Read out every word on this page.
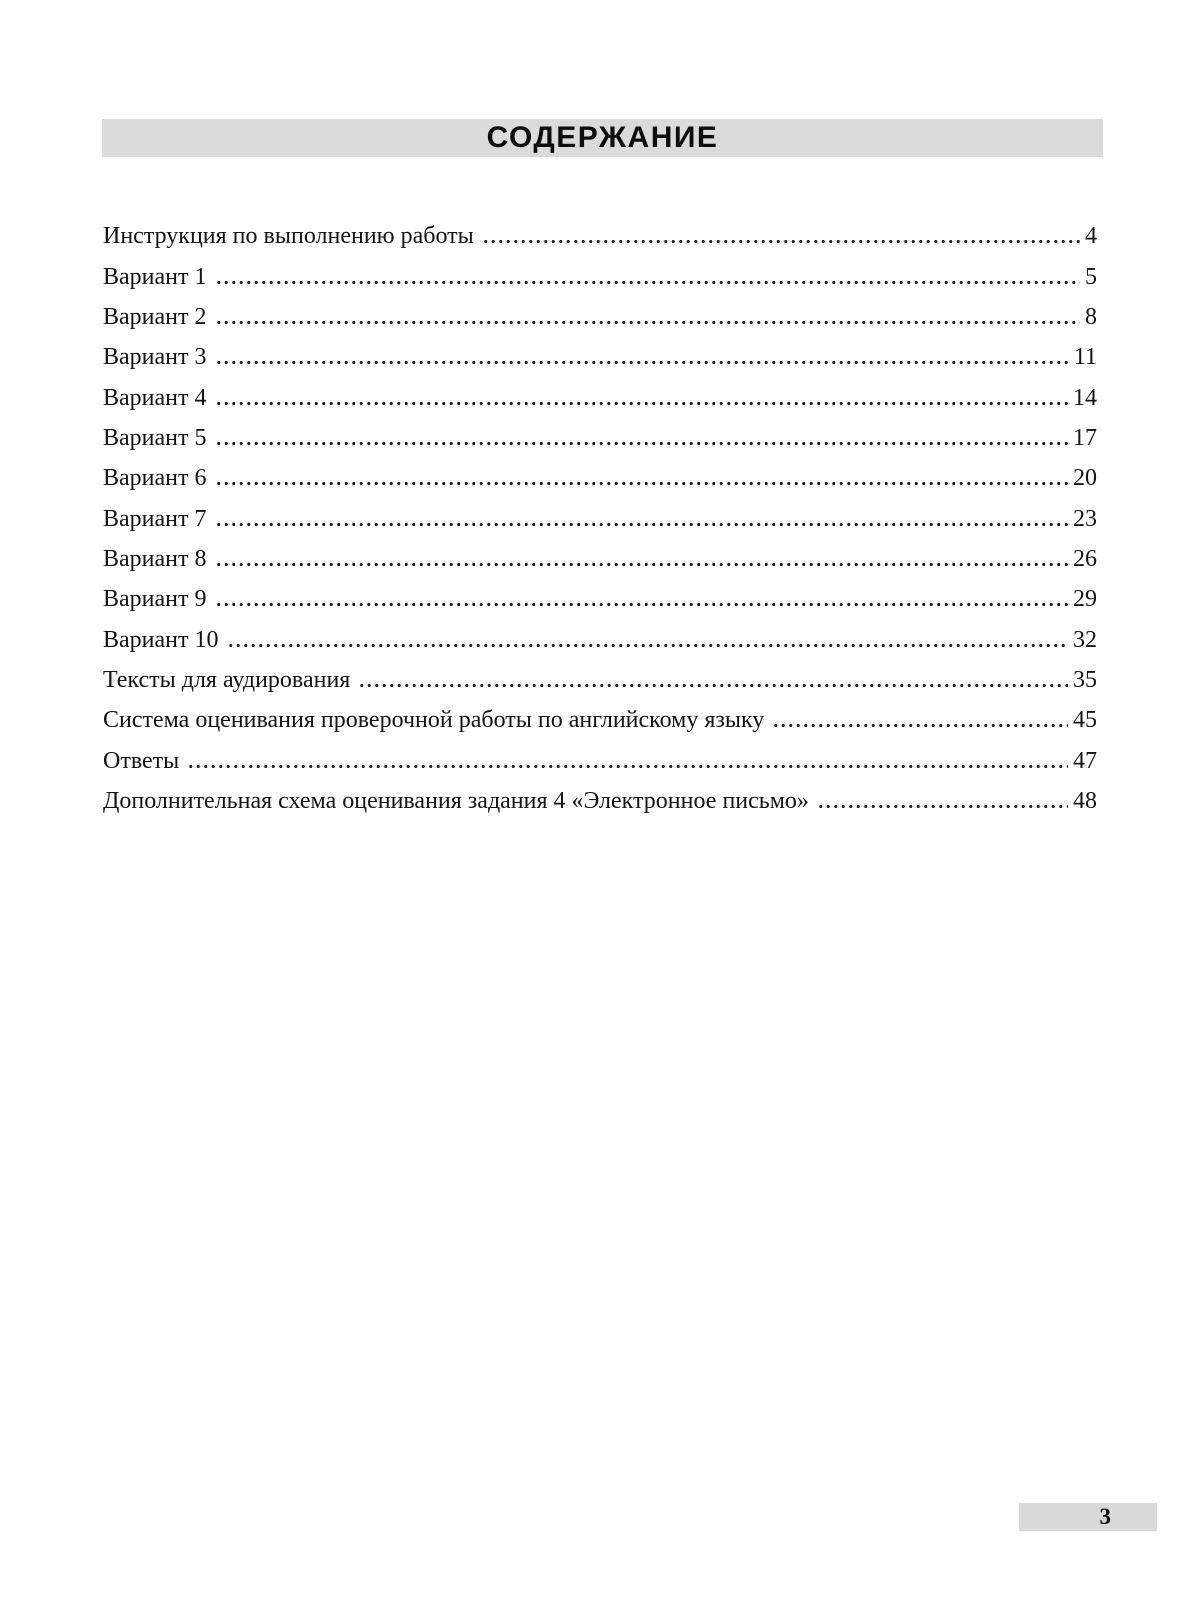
СОДЕРЖАНИЕ
Инструкция по выполнению работы	4
Вариант 1	5
Вариант 2	8
Вариант 3	11
Вариант 4	14
Вариант 5	17
Вариант 6	20
Вариант 7	23
Вариант 8	26
Вариант 9	29
Вариант 10	32
Тексты для аудирования	35
Система оценивания проверочной работы по английскому языку	45
Ответы	47
Дополнительная схема оценивания задания 4 «Электронное письмо»	48
3
